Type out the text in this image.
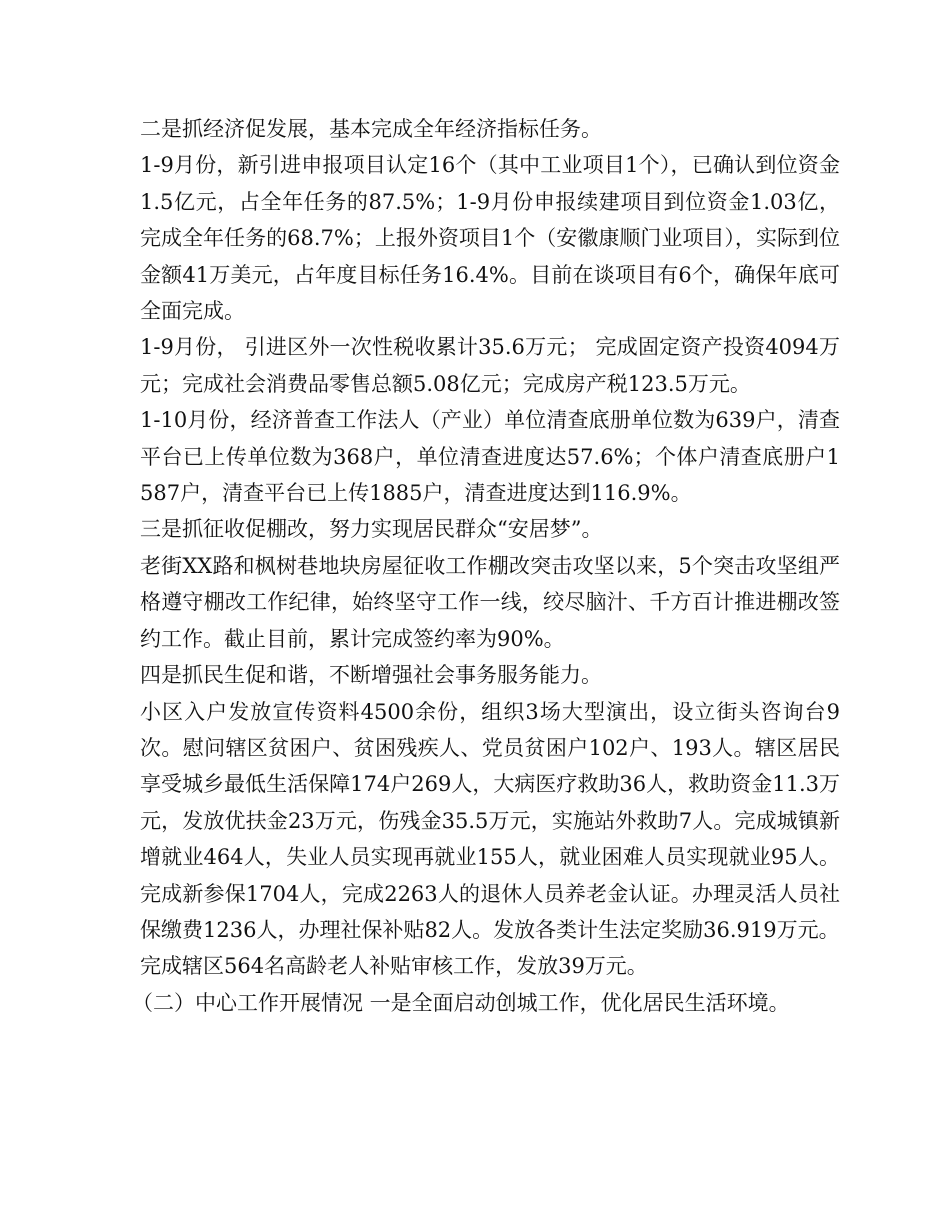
二是抓经济促发展，基本完成全年经济指标任务。

1-9月份，新引进申报项目认定16个（其中工业项目1个），已确认到位资金1.5亿元，占全年任务的87.5%；1-9月份申报续建项目到位资金1.03亿，完成全年任务的68.7%；上报外资项目1个（安徽康顺门业项目），实际到位金额41万美元，占年度目标任务16.4%。目前在谈项目有6个，确保年底可全面完成。

1-9月份， 引进区外一次性税收累计35.6万元； 完成固定资产投资4094万元；完成社会消费品零售总额5.08亿元；完成房产税123.5万元。

1-10月份，经济普查工作法人（产业）单位清查底册单位数为639户，清查平台已上传单位数为368户，单位清查进度达57.6%；个体户清查底册户1587户，清查平台已上传1885户，清查进度达到116.9%。

三是抓征收促棚改，努力实现居民群众“安居梦”。

老街XX路和枫树巷地块房屋征收工作棚改突击攻坚以来，5个突击攻坚组严格遵守棚改工作纪律，始终坚守工作一线，绞尽脑汁、千方百计推进棚改签约工作。截止目前，累计完成签约率为90%。

四是抓民生促和谐，不断增强社会事务服务能力。

小区入户发放宣传资料4500余份，组织3场大型演出，设立街头咨询台9次。慰问辖区贫困户、贫困残疾人、党员贫困户102户、193人。辖区居民享受城乡最低生活保障174户269人，大病医疗救助36人，救助资金11.3万元，发放优扶金23万元，伤残金35.5万元，实施站外救助7人。完成城镇新增就业464人，失业人员实现再就业155人，就业困难人员实现就业95人。完成新参保1704人，完成2263人的退休人员养老金认证。办理灵活人员社保缴费1236人，办理社保补贴82人。发放各类计生法定奖励36.919万元。

完成辖区564名高龄老人补贴审核工作，发放39万元。

（二）中心工作开展情况 一是全面启动创城工作，优化居民生活环境。
